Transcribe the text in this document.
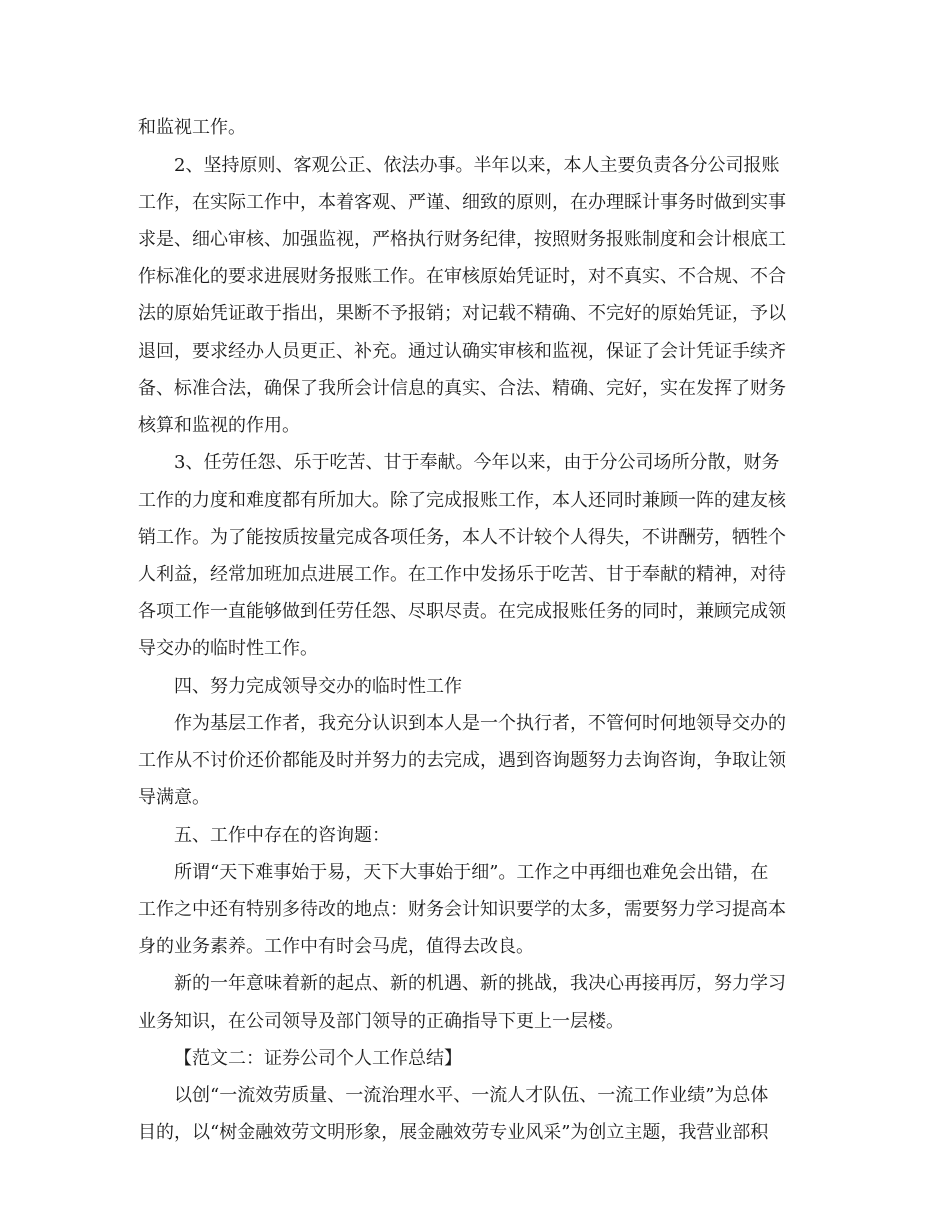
和监视工作。
2、坚持原则、客观公正、依法办事。半年以来，本人主要负责各分公司报账
工作，在实际工作中，本着客观、严谨、细致的原则，在办理睬计事务时做到实事
求是、细心审核、加强监视，严格执行财务纪律，按照财务报账制度和会计根底工
作标准化的要求进展财务报账工作。在审核原始凭证时，对不真实、不合规、不合
法的原始凭证敢于指出，果断不予报销；对记载不精确、不完好的原始凭证，予以
退回，要求经办人员更正、补充。通过认确实审核和监视，保证了会计凭证手续齐
备、标准合法，确保了我所会计信息的真实、合法、精确、完好，实在发挥了财务
核算和监视的作用。
3、任劳任怨、乐于吃苦、甘于奉献。今年以来，由于分公司场所分散，财务
工作的力度和难度都有所加大。除了完成报账工作，本人还同时兼顾一阵的建友核
销工作。为了能按质按量完成各项任务，本人不计较个人得失，不讲酬劳，牺牲个
人利益，经常加班加点进展工作。在工作中发扬乐于吃苦、甘于奉献的精神，对待
各项工作一直能够做到任劳任怨、尽职尽责。在完成报账任务的同时，兼顾完成领
导交办的临时性工作。
四、努力完成领导交办的临时性工作
作为基层工作者，我充分认识到本人是一个执行者，不管何时何地领导交办的
工作从不讨价还价都能及时并努力的去完成，遇到咨询题努力去询咨询，争取让领
导满意。
五、工作中存在的咨询题：
所谓“天下难事始于易，天下大事始于细”。工作之中再细也难免会出错，在
工作之中还有特别多待改的地点：财务会计知识要学的太多，需要努力学习提高本
身的业务素养。工作中有时会马虎，值得去改良。
新的一年意味着新的起点、新的机遇、新的挑战，我决心再接再厉，努力学习
业务知识，在公司领导及部门领导的正确指导下更上一层楼。
【范文二：证券公司个人工作总结】
以创“一流效劳质量、一流治理水平、一流人才队伍、一流工作业绩”为总体
目的，以“树金融效劳文明形象，展金融效劳专业风采”为创立主题，我营业部积
